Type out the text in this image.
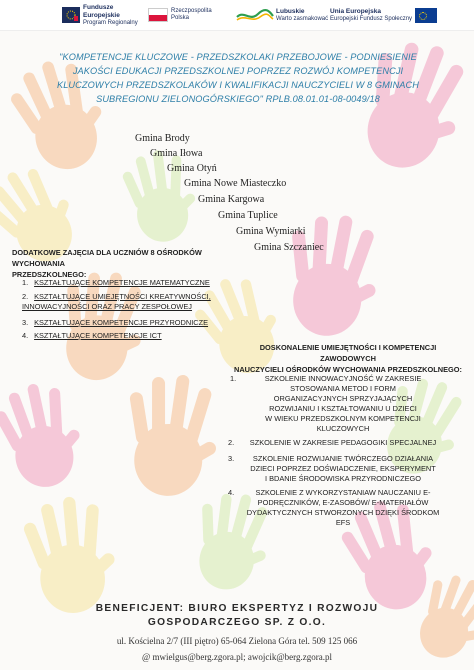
Fundusze
Europejskie
Program Regionalny
Rzeczpospolita
Polska
Lubuskie
Warto zasmakować
Unia Europejska
Europejski Fundusz Społeczny
"KOMPETENCJE KLUCZOWE - PRZEDSZKOLAKI PRZEBOJOWE - PODNIESIENIE
JAKOŚCI EDUKACJI PRZEDSZKOLNEJ POPRZEZ ROZWÓJ KOMPETENCJI
KLUCZOWYCH PRZEDSZKOLAKÓW I KWALIFIKACJI NAUCZYCIELI W 8 GMINACH
SUBREGIONU ZIELONOGÓRSKIEGO" RPLB.08.01.01-08-0049/18
Gmina Brody
Gmina Iłowa
Gmina Otyń
Gmina Nowe Miasteczko
Gmina Kargowa
Gmina Tuplice
Gmina Wymiarki
Gmina Szczaniec
DODATKOWE ZAJĘCIA DLA UCZNIÓW 8 OŚRODKÓW WYCHOWANIA
PRZEDSZKOLNEGO:
1. KSZTAŁTUJĄCE KOMPETENCJE MATEMATYCZNE
2. KSZTAŁTUJĄCE UMIEJĘTNOŚCI KREATYWNOŚCI,
INNOWACYJNOŚCI ORAZ PRACY ZESPOŁOWEJ
3. KSZTAŁTUJĄCE KOMPETENCJE PRZYRODNICZE
4. KSZTAŁTUJĄCE KOMPETENCJE ICT
DOSKONALENIE UMIEJĘTNOŚCI I KOMPETENCJI ZAWODOWYCH
NAUCZYCIELI OŚRODKÓW WYCHOWANIA PRZEDSZKOLNEGO:
1.	SZKOLENIE INNOWACYJNOŚĆ W ZAKRESIE
STOSOWANIA METOD I FORM
ORGANIZACYJNYCH SPRZYJAJĄCYCH
ROZWIJANIU I KSZTAŁTOWANIU U DZIECI
W WIEKU PRZEDSZKOLNYM KOMPETENCJI
KLUCZOWYCH
2.	SZKOLENIE W ZAKRESIE PEDAGOGIKI SPECJALNEJ
3.	SZKOLENIE ROZWIJANIE TWÓRCZEGO DZIAŁANIA
DZIECI POPRZEZ DOŚWIADCZENIE, EKSPERYMENT
I BDANIE ŚRODOWISKA PRZYRODNICZEGO
4.	SZKOLENIE Z WYKORZYSTANIAW NAUCZANIU E-
PODRĘCZNIKÓW, E-ZASOBÓW/ E-MATERIAŁÓW
DYDAKTYCZNYCH STWORZONYCH DZIĘKI ŚRODKOM
EFS
BENEFICJENT: BIURO EKSPERTYZ I ROZWOJU
GOSPODARCZEGO SP. Z O.O.
ul. Kościelna 2/7 (III piętro) 65-064 Zielona Góra tel. 509 125 066
@ mwielgus@berg.zgora.pl; awojcik@berg.zgora.pl
